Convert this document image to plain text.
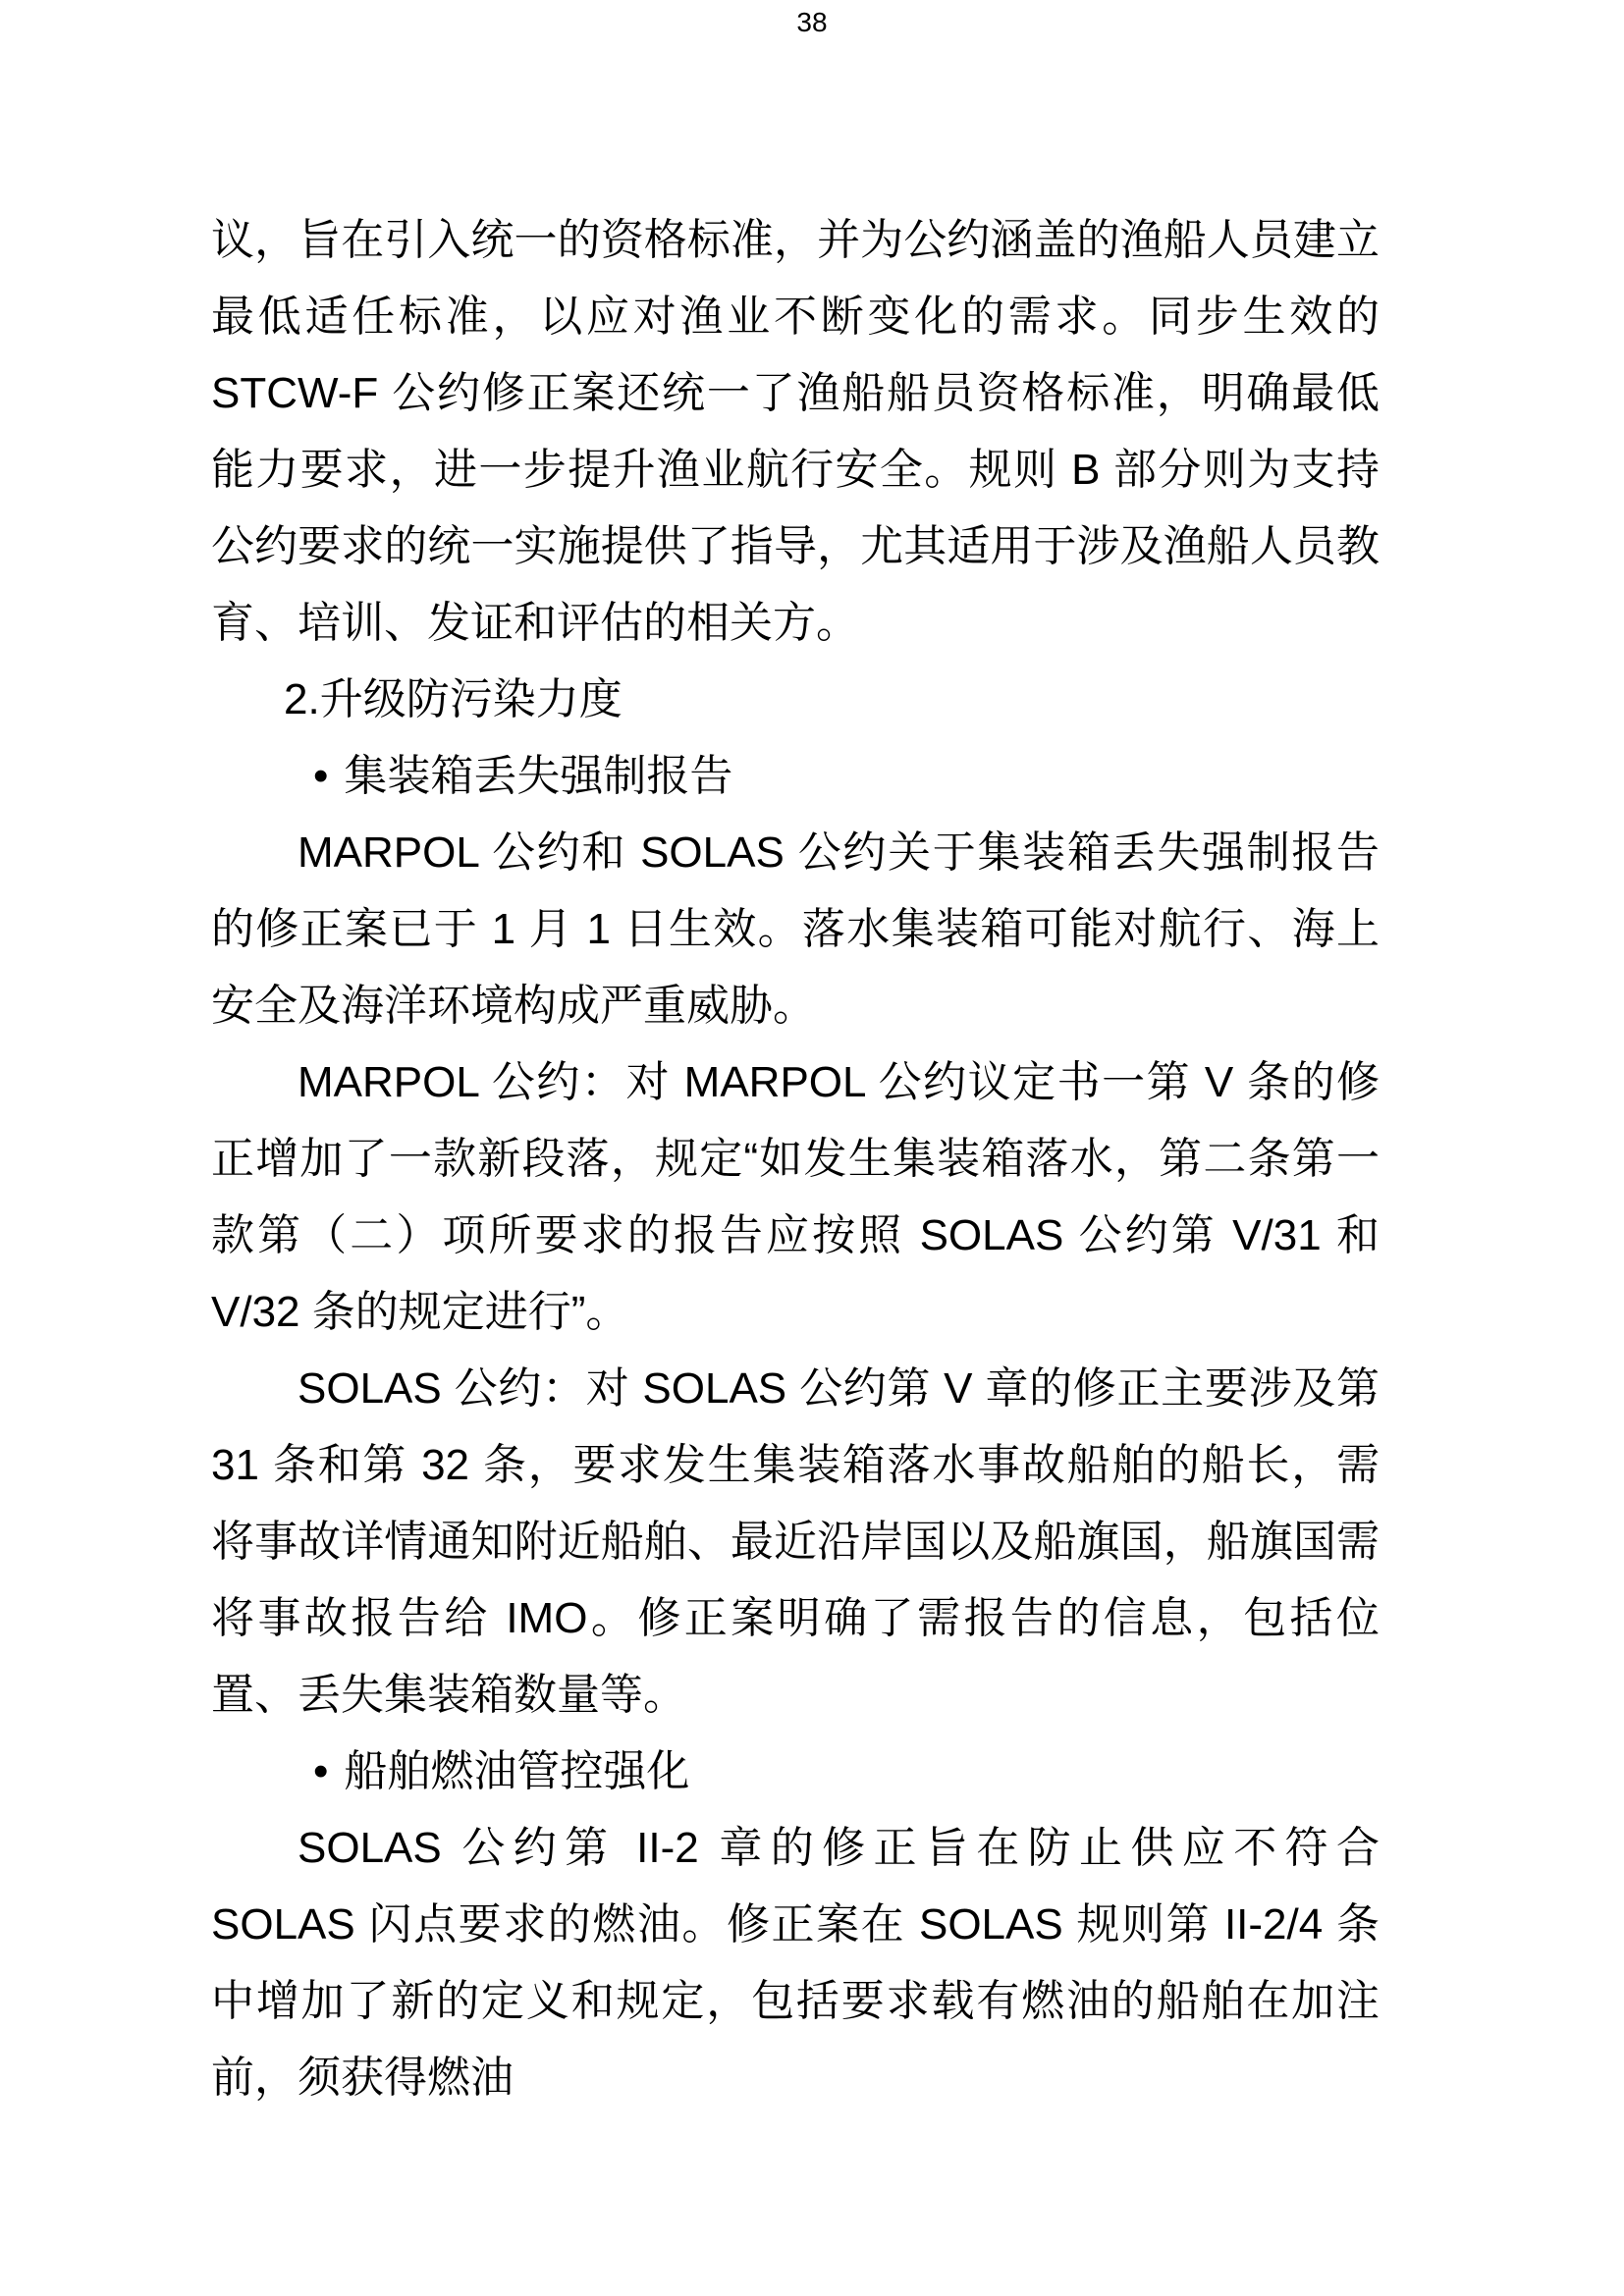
38

议，旨在引入统一的资格标准，并为公约涵盖的渔船人员建立最低适任标准，以应对渔业不断变化的需求。同步生效的 STCW-F 公约修正案还统一了渔船船员资格标准，明确最低能力要求，进一步提升渔业航行安全。规则 B 部分则为支持公约要求的统一实施提供了指导，尤其适用于涉及渔船人员教育、培训、发证和评估的相关方。

2.升级防污染力度

• 集装箱丢失强制报告

MARPOL 公约和 SOLAS 公约关于集装箱丢失强制报告的修正案已于 1 月 1 日生效。落水集装箱可能对航行、海上安全及海洋环境构成严重威胁。

MARPOL 公约：对 MARPOL 公约议定书一第 V 条的修正增加了一款新段落，规定“如发生集装箱落水，第二条第一款第（二）项所要求的报告应按照 SOLAS 公约第 V/31 和 V/32 条的规定进行”。

SOLAS 公约：对 SOLAS 公约第 V 章的修正主要涉及第 31 条和第 32 条，要求发生集装箱落水事故船舶的船长，需将事故详情通知附近船舶、最近沿岸国以及船旗国，船旗国需将事故报告给 IMO。修正案明确了需报告的信息，包括位置、丢失集装箱数量等。

• 船舶燃油管控强化

SOLAS 公约第 II-2 章的修正旨在防止供应不符合 SOLAS 闪点要求的燃油。修正案在 SOLAS 规则第 II-2/4 条中增加了新的定义和规定，包括要求载有燃油的船舶在加注前，须获得燃油
